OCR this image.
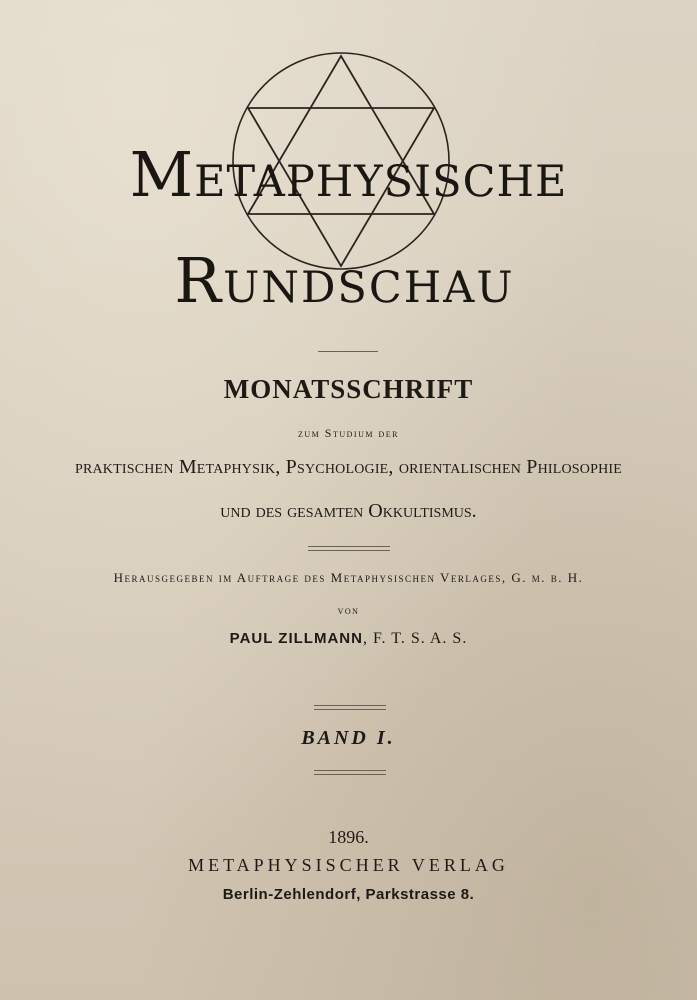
Metaphysische
Rundschau
MONATSSCHRIFT
zum Studium der
praktischen Metaphysik, Psychologie, orientalischen Philosophie
und des gesamten Okkultismus.
Herausgegeben im Auftrage des Metaphysischen Verlages, G. m. b. H.
von
PAUL ZILLMANN, F. T. S. A. S.
BAND I.
1896.
METAPHYSISCHER VERLAG
Berlin-Zehlendorf, Parkstrasse 8.
